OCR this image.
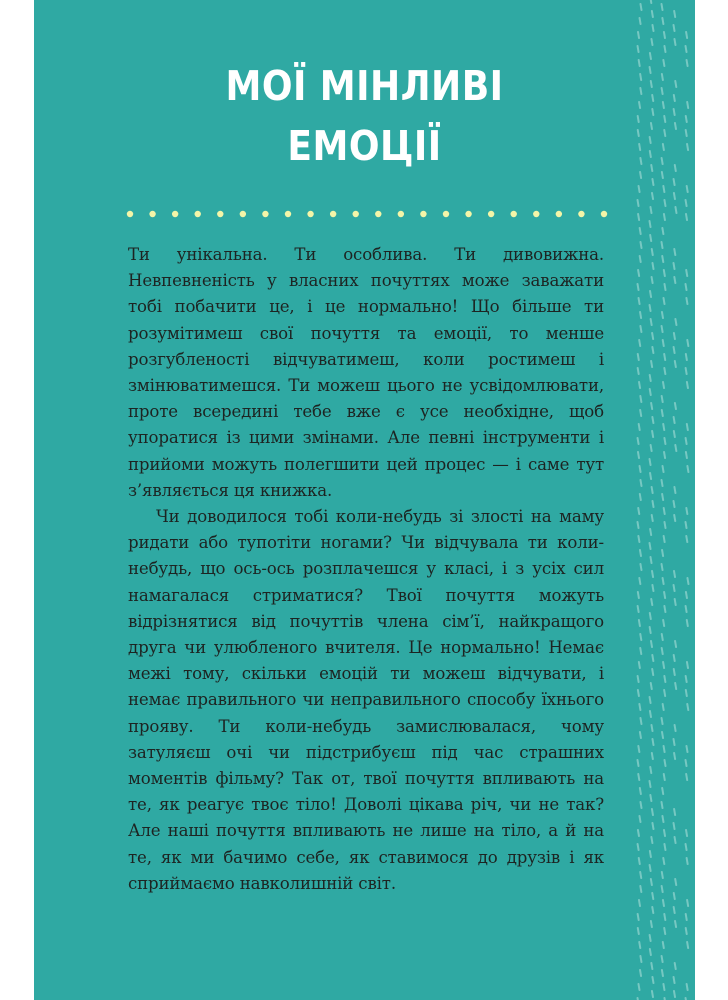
МОЇ МІНЛИВІ
ЕМОЦІЇ

Ти унікальна. Ти особлива. Ти дивовижна. Невпевненість у власних почуттях може заважати тобі побачити це, і це нормально! Що більше ти розумітимеш свої почуття та емоції, то менше розгубленості відчуватимеш, коли ростимеш і змінюватимешся. Ти можеш цього не усвідомлювати, проте всередині тебе вже є усе необхідне, щоб упоратися із цими змінами. Але певні інструменти і прийоми можуть полегшити цей процес — і саме тут з’являється ця книжка.

Чи доводилося тобі коли-небудь зі злості на маму ридати або тупотіти ногами? Чи відчувала ти коли-небудь, що ось-ось розплачешся у класі, і з усіх сил намагалася стриматися? Твої почуття можуть відрізнятися від почуттів члена сім’ї, найкращого друга чи улюбленого вчителя. Це нормально! Немає межі тому, скільки емоцій ти можеш відчувати, і немає правильного чи неправильного способу їхнього прояву. Ти коли-небудь замислювалася, чому затуляєш очі чи підстрибуєш під час страшних моментів фільму? Так от, твої почуття впливають на те, як реагує твоє тіло! Доволі цікава річ, чи не так? Але наші почуття впливають не лише на тіло, а й на те, як ми бачимо себе, як ставимося до друзів і як сприймаємо навколишній світ.
